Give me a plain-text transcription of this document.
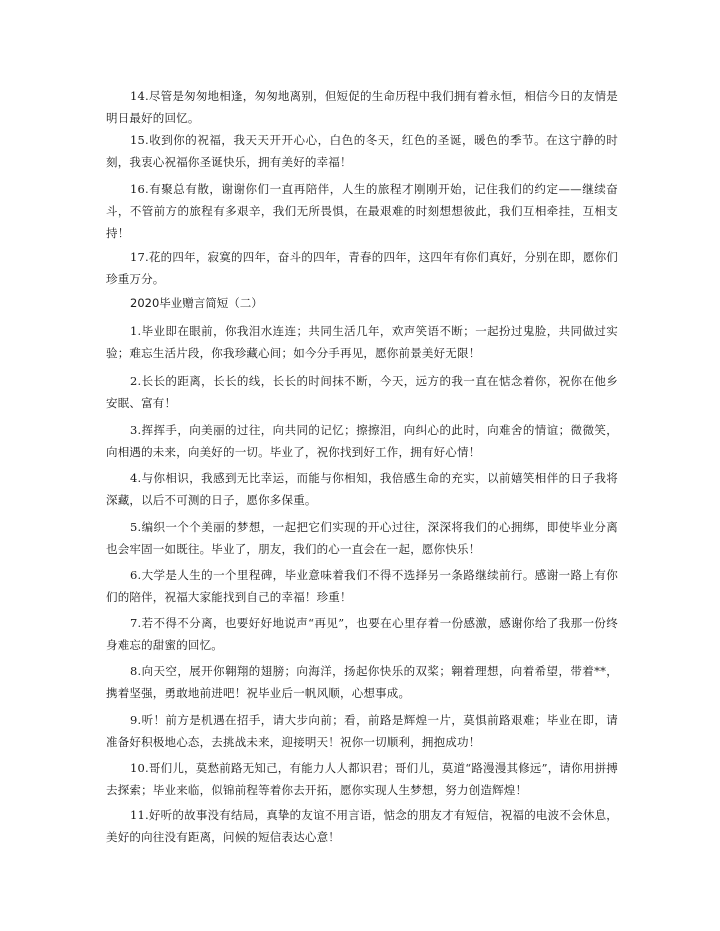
14.尽管是匆匆地相逢，匆匆地离别，但短促的生命历程中我们拥有着永恒，相信今日的友情是明日最好的回忆。

15.收到你的祝福，我天天开开心心，白色的冬天，红色的圣诞，暖色的季节。在这宁静的时刻，我衷心祝福你圣诞快乐，拥有美好的幸福！

16.有聚总有散，谢谢你们一直再陪伴，人生的旅程才刚刚开始，记住我们的约定——继续奋斗，不管前方的旅程有多艰辛，我们无所畏惧，在最艰难的时刻想想彼此，我们互相牵挂，互相支持！

17.花的四年，寂寞的四年，奋斗的四年，青春的四年，这四年有你们真好，分别在即，愿你们珍重万分。

2020毕业赠言简短（二）

1.毕业即在眼前，你我泪水连连；共同生活几年，欢声笑语不断；一起扮过鬼脸，共同做过实验；难忘生活片段，你我珍藏心间；如今分手再见，愿你前景美好无限！

2.长长的距离，长长的线，长长的时间抹不断，今天，远方的我一直在惦念着你，祝你在他乡安眠、富有！

3.挥挥手，向美丽的过往，向共同的记忆；擦擦泪，向纠心的此时，向难舍的情谊；微微笑，向相遇的未来，向美好的一切。毕业了，祝你找到好工作，拥有好心情！

4.与你相识，我感到无比幸运，而能与你相知，我倍感生命的充实，以前嬉笑相伴的日子我将深藏，以后不可测的日子，愿你多保重。

5.编织一个个美丽的梦想，一起把它们实现的开心过往，深深将我们的心拥绑，即使毕业分离也会牢固一如既往。毕业了，朋友，我们的心一直会在一起，愿你快乐！

6.大学是人生的一个里程碑，毕业意味着我们不得不选择另一条路继续前行。感谢一路上有你们的陪伴，祝福大家能找到自己的幸福！珍重！

7.若不得不分离，也要好好地说声“再见”，也要在心里存着一份感激，感谢你给了我那一份终身难忘的甜蜜的回忆。

8.向天空，展开你翱翔的翅膀；向海洋，扬起你快乐的双桨；翱着理想，向着希望，带着**，携着坚强，勇敢地前进吧！祝毕业后一帆风顺，心想事成。

9.听！前方是机遇在招手，请大步向前；看，前路是辉煌一片，莫惧前路艰难；毕业在即，请准备好积极地心态，去挑战未来，迎接明天！祝你一切顺利，拥抱成功！

10.哥们儿，莫愁前路无知己，有能力人人都识君；哥们儿，莫道“路漫漫其修远”，请你用拼搏去探索；毕业来临，似锦前程等着你去开拓，愿你实现人生梦想，努力创造辉煌！

11.好听的故事没有结局，真挚的友谊不用言语，惦念的朋友才有短信，祝福的电波不会休息，美好的向往没有距离，问候的短信表达心意！
